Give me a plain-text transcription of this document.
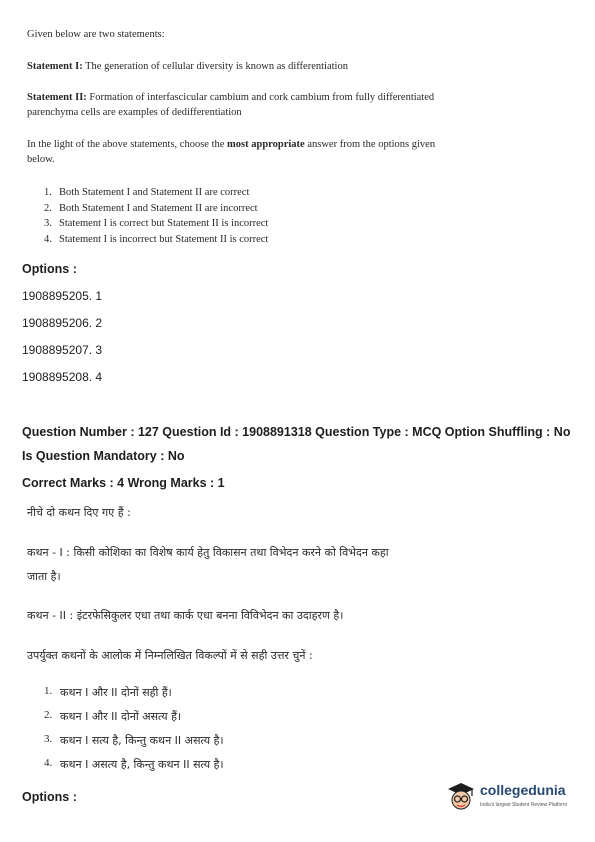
Given below are two statements:
Statement I: The generation of cellular diversity is known as differentiation
Statement II: Formation of interfascicular cambium and cork cambium from fully differentiated
parenchyma cells are examples of dedifferentiation
In the light of the above statements, choose the most appropriate answer from the options given
below.
1. Both Statement I and Statement II are correct
2. Both Statement I and Statement II are incorrect
3. Statement I is correct but Statement II is incorrect
4. Statement I is incorrect but Statement II is correct
Options :
1908895205. 1
1908895206. 2
1908895207. 3
1908895208. 4
Question Number : 127 Question Id : 1908891318 Question Type : MCQ Option Shuffling : No
Is Question Mandatory : No
Correct Marks : 4 Wrong Marks : 1
नीचे दो कथन दिए गए हैं :
कथन - I : किसी कोशिका का विशेष कार्य हेतु विकासन तथा विभेदन करने को विभेदन कहा
जाता है।
कथन - II : इंटरफेसिकुलर एधा तथा कार्क एधा बनना विविभेदन का उदाहरण है।
उपर्युक्त कथनों के आलोक में निम्नलिखित विकल्पों में से सही उत्तर चुनें :
1. कथन I और II दोनों सही हैं।
2. कथन I और II दोनों असत्य हैं।
3. कथन I सत्य है, किन्तु कथन II असत्य है।
4. कथन I असत्य है, किन्तु कथन II सत्य है।
Options :	collegedunia
India's largest Student Review Platform
